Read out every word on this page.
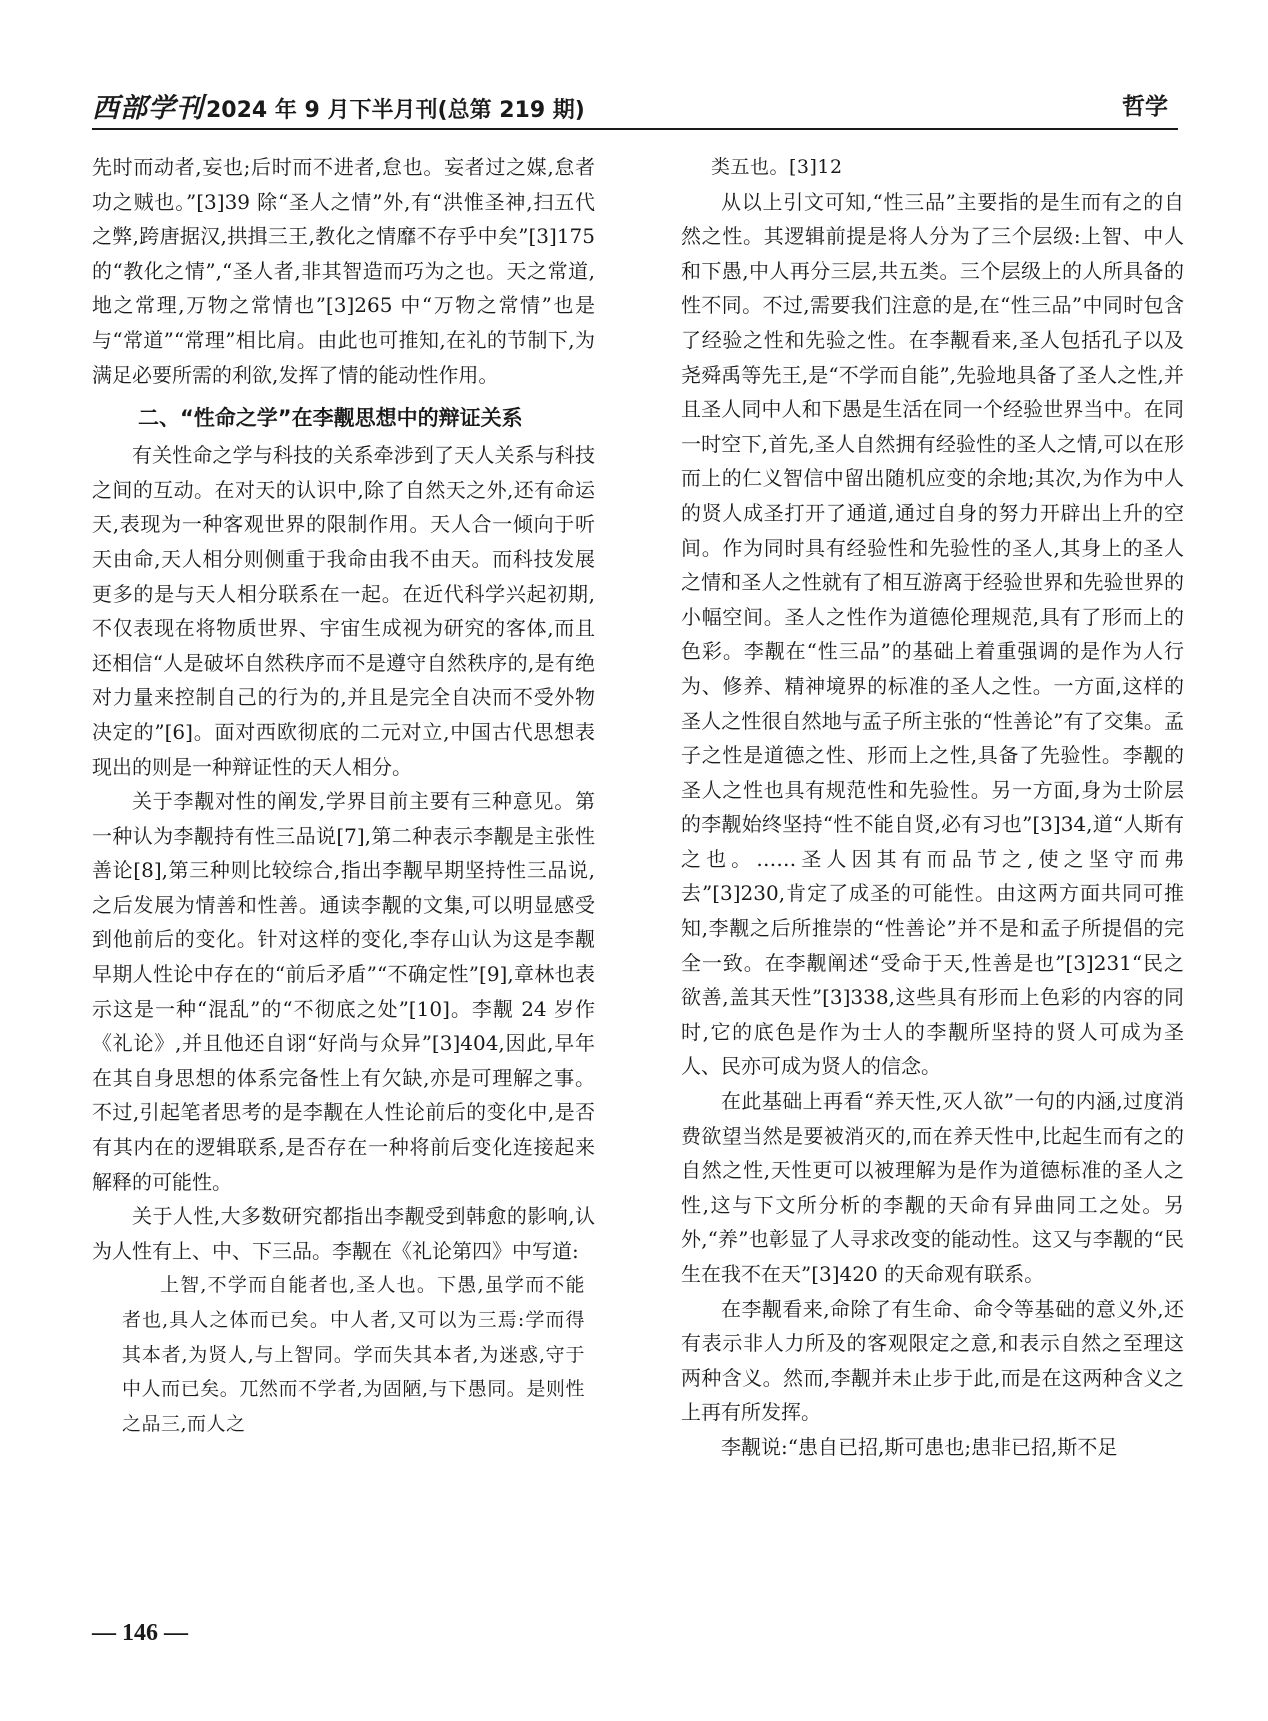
西部学刊 2024 年 9 月下半月刊(总第 219 期)	哲学

先时而动者,妄也;后时而不进者,怠也。妄者过之媒,怠者功之贼也。”[3]39 除“圣人之情”外,有“洪惟圣神,扫五代之弊,跨唐据汉,拱揖三王,教化之情靡不存乎中矣”[3]175 的“教化之情”,“圣人者,非其智造而巧为之也。天之常道,地之常理,万物之常情也”[3]265 中“万物之常情”也是与“常道”“常理”相比肩。由此也可推知,在礼的节制下,为满足必要所需的利欲,发挥了情的能动性作用。

二、“性命之学”在李觏思想中的辩证关系

有关性命之学与科技的关系牵涉到了天人关系与科技之间的互动。在对天的认识中,除了自然天之外,还有命运天,表现为一种客观世界的限制作用。天人合一倾向于听天由命,天人相分则侧重于我命由我不由天。而科技发展更多的是与天人相分联系在一起。在近代科学兴起初期,不仅表现在将物质世界、宇宙生成视为研究的客体,而且还相信“人是破坏自然秩序而不是遵守自然秩序的,是有绝对力量来控制自己的行为的,并且是完全自决而不受外物决定的”[6]。面对西欧彻底的二元对立,中国古代思想表现出的则是一种辩证性的天人相分。

关于李觏对性的阐发,学界目前主要有三种意见。第一种认为李觏持有性三品说[7],第二种表示李觏是主张性善论[8],第三种则比较综合,指出李觏早期坚持性三品说,之后发展为情善和性善。通读李觏的文集,可以明显感受到他前后的变化。针对这样的变化,李存山认为这是李觏早期人性论中存在的“前后矛盾”“不确定性”[9],章林也表示这是一种“混乱”的“不彻底之处”[10]。李觏 24 岁作《礼论》,并且他还自诩“好尚与众异”[3]404,因此,早年在其自身思想的体系完备性上有欠缺,亦是可理解之事。不过,引起笔者思考的是李觏在人性论前后的变化中,是否有其内在的逻辑联系,是否存在一种将前后变化连接起来解释的可能性。

关于人性,大多数研究都指出李觏受到韩愈的影响,认为人性有上、中、下三品。李觏在《礼论第四》中写道:

上智,不学而自能者也,圣人也。下愚,虽学而不能者也,具人之体而已矣。中人者,又可以为三焉:学而得其本者,为贤人,与上智同。学而失其本者,为迷惑,守于中人而已矣。兀然而不学者,为固陋,与下愚同。是则性之品三,而人之

类五也。[3]12

从以上引文可知,“性三品”主要指的是生而有之的自然之性。其逻辑前提是将人分为了三个层级:上智、中人和下愚,中人再分三层,共五类。三个层级上的人所具备的性不同。不过,需要我们注意的是,在“性三品”中同时包含了经验之性和先验之性。在李觏看来,圣人包括孔子以及尧舜禹等先王,是“不学而自能”,先验地具备了圣人之性,并且圣人同中人和下愚是生活在同一个经验世界当中。在同一时空下,首先,圣人自然拥有经验性的圣人之情,可以在形而上的仁义智信中留出随机应变的余地;其次,为作为中人的贤人成圣打开了通道,通过自身的努力开辟出上升的空间。作为同时具有经验性和先验性的圣人,其身上的圣人之情和圣人之性就有了相互游离于经验世界和先验世界的小幅空间。圣人之性作为道德伦理规范,具有了形而上的色彩。李觏在“性三品”的基础上着重强调的是作为人行为、修养、精神境界的标准的圣人之性。一方面,这样的圣人之性很自然地与孟子所主张的“性善论”有了交集。孟子之性是道德之性、形而上之性,具备了先验性。李觏的圣人之性也具有规范性和先验性。另一方面,身为士阶层的李觏始终坚持“性不能自贤,必有习也”[3]34,道“人斯有之也。……圣人因其有而品节之,使之坚守而弗去”[3]230,肯定了成圣的可能性。由这两方面共同可推知,李觏之后所推崇的“性善论”并不是和孟子所提倡的完全一致。在李觏阐述“受命于天,性善是也”[3]231“民之欲善,盖其天性”[3]338,这些具有形而上色彩的内容的同时,它的底色是作为士人的李觏所坚持的贤人可成为圣人、民亦可成为贤人的信念。

在此基础上再看“养天性,灭人欲”一句的内涵,过度消费欲望当然是要被消灭的,而在养天性中,比起生而有之的自然之性,天性更可以被理解为是作为道德标准的圣人之性,这与下文所分析的李觏的天命有异曲同工之处。另外,“养”也彰显了人寻求改变的能动性。这又与李觏的“民生在我不在天”[3]420 的天命观有联系。

在李觏看来,命除了有生命、命令等基础的意义外,还有表示非人力所及的客观限定之意,和表示自然之至理这两种含义。然而,李觏并未止步于此,而是在这两种含义之上再有所发挥。

李觏说:“患自已招,斯可患也;患非已招,斯不足

— 146 —
